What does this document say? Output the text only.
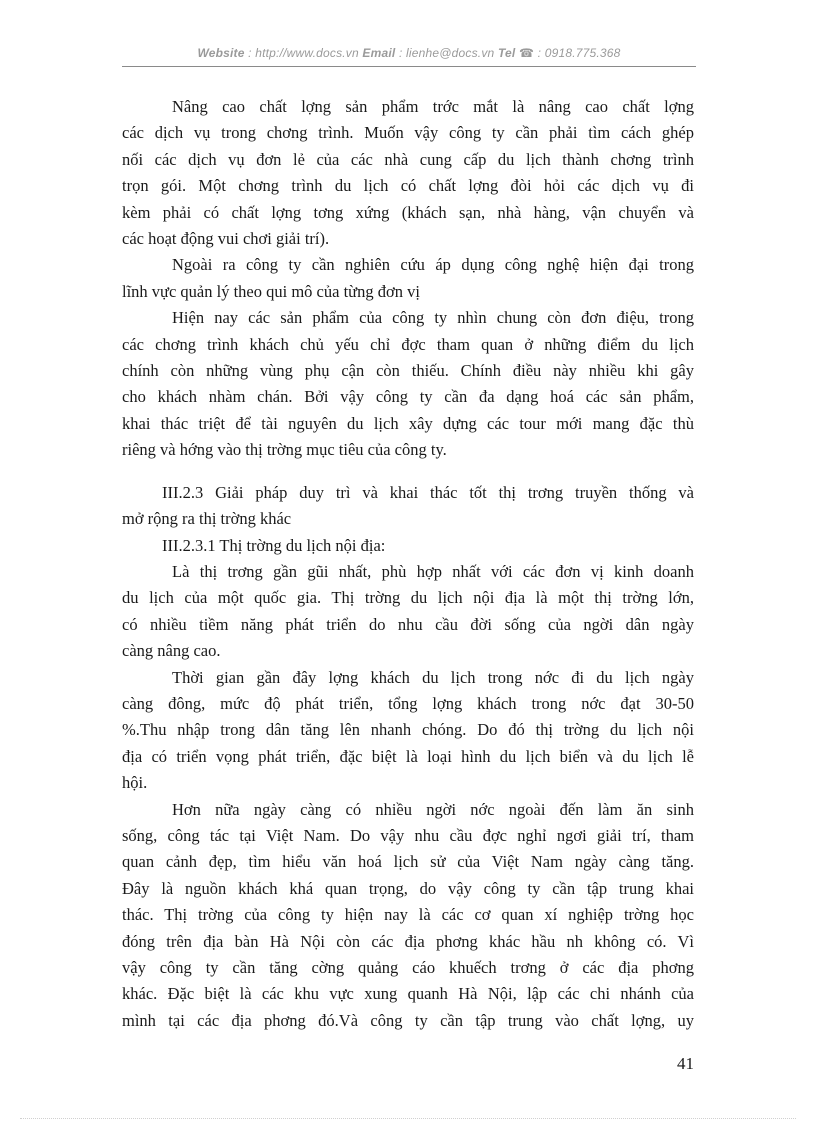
Website : http://www.docs.vn Email : lienhe@docs.vn Tel ☎ : 0918.775.368
Nâng cao chất lợng sản phẩm trớc mắt là nâng cao chất lợng
các dịch vụ trong chơng trình. Muốn vậy công ty cần phải tìm cách ghép
nối các dịch vụ đơn lẻ của các nhà cung cấp du lịch thành chơng trình
trọn gói. Một chơng trình du lịch có chất lợng đòi hỏi các dịch vụ đi
kèm phải có chất lợng tơng xứng (khách sạn, nhà hàng, vận chuyển và
các hoạt động vui chơi giải trí).
Ngoài ra công ty cần nghiên cứu áp dụng công nghệ hiện đại trong
lĩnh vực quản lý theo qui mô của từng đơn vị
Hiện nay các sản phẩm của công ty nhìn chung còn đơn điệu, trong
các chơng trình khách chủ yếu chỉ đợc tham quan ở những điểm du lịch
chính còn những vùng phụ cận còn thiếu. Chính điều này nhiều khi gây
cho khách nhàm chán. Bởi vậy công ty cần đa dạng hoá các sản phẩm,
khai thác triệt để tài nguyên du lịch xây dựng các tour mới mang đặc thù
riêng và hớng vào thị trờng mục tiêu của công ty.
III.2.3 Giải pháp duy trì và khai thác tốt thị trơng truyền thống và
mở rộng ra thị trờng khác
III.2.3.1 Thị trờng du lịch nội địa:
Là thị trơng gần gũi nhất, phù hợp nhất với các đơn vị kinh doanh
du lịch của một quốc gia. Thị trờng du lịch nội địa là một thị trờng lớn,
có nhiều tiềm năng phát triển do nhu cầu đời sống của ngời dân ngày
càng nâng cao.
Thời gian gần đây lợng khách du lịch trong nớc đi du lịch ngày
càng đông, mức độ phát triển, tổng lợng khách trong nớc đạt 30-50
%.Thu nhập trong dân tăng lên nhanh chóng. Do đó thị trờng du lịch nội
địa có triển vọng phát triển, đặc biệt là loại hình du lịch biển và du lịch lễ
hội.
Hơn nữa ngày càng có nhiều ngời nớc ngoài đến làm ăn sinh
sống, công tác tại Việt Nam. Do vậy nhu cầu đợc nghỉ ngơi giải trí, tham
quan cảnh đẹp, tìm hiểu văn hoá lịch sử của Việt Nam ngày càng tăng.
Đây là nguồn khách khá quan trọng, do vậy công ty cần tập trung khai
thác. Thị trờng của công ty hiện nay là các cơ quan xí nghiệp trờng học
đóng trên địa bàn Hà Nội còn các địa phơng khác hầu nh không có. Vì
vậy công ty cần tăng cờng quảng cáo khuếch trơng ở các địa phơng
khác. Đặc biệt là các khu vực xung quanh Hà Nội, lập các chi nhánh của
mình tại các địa phơng đó.Và công ty cần tập trung vào chất lợng, uy
41
